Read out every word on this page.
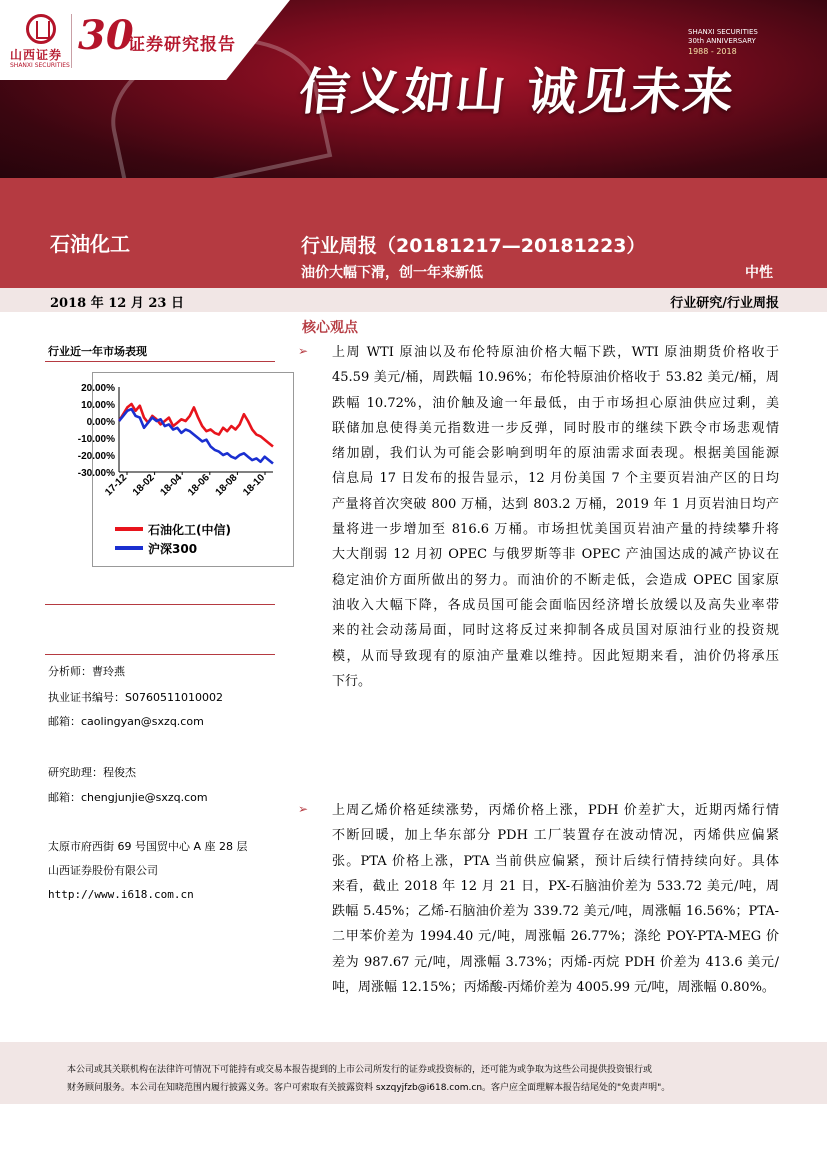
山西证券
SHANXI SECURITIES
30
证券研究报告
信义如山 诚见未来
SHANXI SECURITIES
30th ANNIVERSARY
1988 - 2018
石油化工	行业周报（20181217—20181223）
油价大幅下滑，创一年来新低	中性
2018 年 12 月 23 日	行业研究/行业周报
行业近一年市场表现
20.00%
10.00%
0.00%
-10.00%
-20.00%
-30.00%
17-12 18-02 18-04 18-06 18-08 18-10
石油化工(中信)
沪深300
分析师：曹玲燕
执业证书编号：S0760511010002
邮箱：caolingyan@sxzq.com
研究助理：程俊杰
邮箱：chengjunjie@sxzq.com
太原市府西街 69 号国贸中心 A 座 28 层
山西证券股份有限公司
http://www.i618.com.cn
核心观点
➢ 上周 WTI 原油以及布伦特原油价格大幅下跌，WTI 原油期货价格收于
45.59 美元/桶，周跌幅 10.96%；布伦特原油价格收于 53.82 美元/桶，周
跌幅 10.72%，油价触及逾一年最低，由于市场担心原油供应过剩，美
联储加息使得美元指数进一步反弹，同时股市的继续下跌令市场悲观情
绪加剧，我们认为可能会影响到明年的原油需求面表现。根据美国能源
信息局 17 日发布的报告显示，12 月份美国 7 个主要页岩油产区的日均
产量将首次突破 800 万桶，达到 803.2 万桶，2019 年 1 月页岩油日均产
量将进一步增加至 816.6 万桶。市场担忧美国页岩油产量的持续攀升将
大大削弱 12 月初 OPEC 与俄罗斯等非 OPEC 产油国达成的减产协议在
稳定油价方面所做出的努力。而油价的不断走低，会造成 OPEC 国家原
油收入大幅下降，各成员国可能会面临因经济增长放缓以及高失业率带
来的社会动荡局面，同时这将反过来抑制各成员国对原油行业的投资规
模，从而导致现有的原油产量难以维持。因此短期来看，油价仍将承压
下行。
➢ 上周乙烯价格延续涨势，丙烯价格上涨，PDH 价差扩大，近期丙烯行情
不断回暖，加上华东部分 PDH 工厂装置存在波动情况，丙烯供应偏紧
张。PTA 价格上涨，PTA 当前供应偏紧，预计后续行情持续向好。具体
来看，截止 2018 年 12 月 21 日，PX-石脑油价差为 533.72 美元/吨，周
跌幅 5.45%；乙烯-石脑油价差为 339.72 美元/吨，周涨幅 16.56%；PTA-
二甲苯价差为 1994.40 元/吨，周涨幅 26.77%；涤纶 POY-PTA-MEG 价
差为 987.67 元/吨，周涨幅 3.73%；丙烯-丙烷 PDH 价差为 413.6 美元/
吨，周涨幅 12.15%；丙烯酸-丙烯价差为 4005.99 元/吨，周涨幅 0.80%。
本公司或其关联机构在法律许可情况下可能持有或交易本报告提到的上市公司所发行的证券或投资标的，还可能为或争取为这些公司提供投资银行或
财务顾问服务。本公司在知晓范围内履行披露义务。客户可索取有关披露资料 sxzqyjfzb@i618.com.cn。客户应全面理解本报告结尾处的"免责声明"。
